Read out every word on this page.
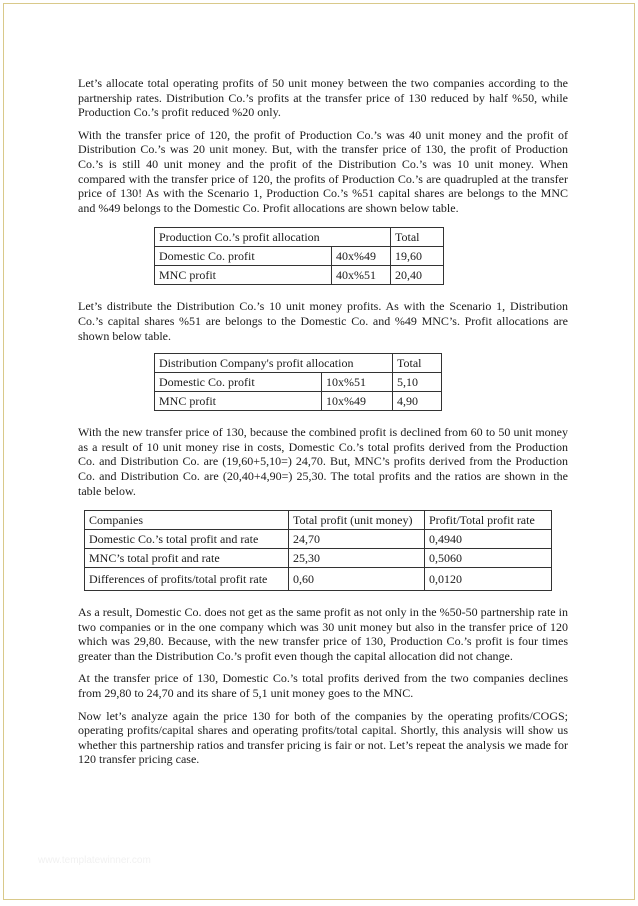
Let’s allocate total operating profits of 50 unit money between the two companies according to the partnership rates. Distribution Co.’s profits at the transfer price of 130 reduced by half %50, while Production Co.’s profit reduced %20 only.

With the transfer price of 120, the profit of Production Co.’s was 40 unit money and the profit of Distribution Co.’s was 20 unit money. But, with the transfer price of 130, the profit of Production Co.’s is still 40 unit money and the profit of the Distribution Co.’s was 10 unit money. When compared with the transfer price of 120, the profits of Production Co.’s are quadrupled at the transfer price of 130! As with the Scenario 1, Production Co.’s %51 capital shares are belongs to the MNC and %49 belongs to the Domestic Co. Profit allocations are shown below table.

Production Co.’s profit allocation		Total
Domestic Co. profit	40x%49	19,60
MNC profit	40x%51	20,40

Let’s distribute the Distribution Co.’s 10 unit money profits. As with the Scenario 1, Distribution Co.’s capital shares %51 are belongs to the Domestic Co. and %49 MNC’s. Profit allocations are shown below table.

Distribution Company's profit allocation		Total
Domestic Co. profit	10x%51	5,10
MNC profit	10x%49	4,90

With the new transfer price of 130, because the combined profit is declined from 60 to 50 unit money as a result of 10 unit money rise in costs, Domestic Co.’s total profits derived from the Production Co. and Distribution Co. are (19,60+5,10=) 24,70. But, MNC’s profits derived from the Production Co. and Distribution Co. are (20,40+4,90=) 25,30. The total profits and the ratios are shown in the table below.

Companies	Total profit (unit money)	Profit/Total profit rate
Domestic Co.’s total profit and rate	24,70	0,4940
MNC’s total profit and rate	25,30	0,5060
Differences of profits/total profit rate	0,60	0,0120

As a result, Domestic Co. does not get as the same profit as not only in the %50-50 partnership rate in two companies or in the one company which was 30 unit money but also in the transfer price of 120 which was 29,80. Because, with the new transfer price of 130, Production Co.’s profit is four times greater than the Distribution Co.’s profit even though the capital allocation did not change.

At the transfer price of 130, Domestic Co.’s total profits derived from the two companies declines from 29,80 to 24,70 and its share of 5,1 unit money goes to the MNC.

Now let’s analyze again the price 130 for both of the companies by the operating profits/COGS; operating profits/capital shares and operating profits/total capital. Shortly, this analysis will show us whether this partnership ratios and transfer pricing is fair or not. Let’s repeat the analysis we made for 120 transfer pricing case.

www.templatewinner.com
